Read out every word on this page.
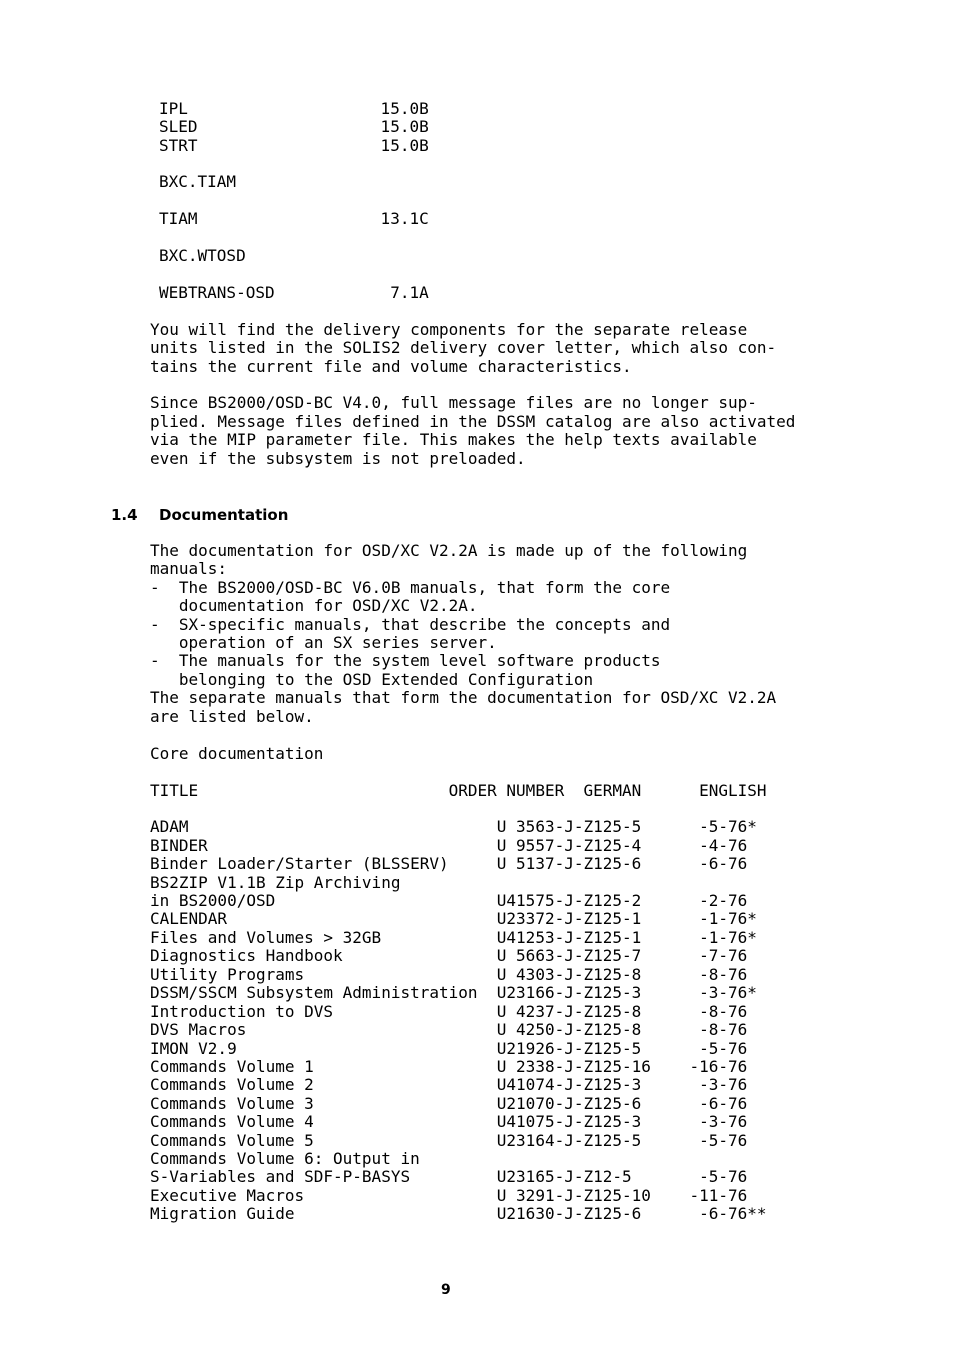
IPL                    15.0B
SLED                   15.0B
STRT                   15.0B
BXC.TIAM
TIAM                   13.1C
BXC.WTOSD
WEBTRANS-OSD            7.1A
You will find the delivery components for the separate release
units listed in the SOLIS2 delivery cover letter, which also con-
tains the current file and volume characteristics.
Since BS2000/OSD-BC V4.0, full message files are no longer sup-
plied. Message files defined in the DSSM catalog are also activated
via the MIP parameter file. This makes the help texts available
even if the subsystem is not preloaded.
1.4 Documentation
The documentation for OSD/XC V2.2A is made up of the following
manuals:
-  The BS2000/OSD-BC V6.0B manuals, that form the core
documentation for OSD/XC V2.2A.
-  SX-specific manuals, that describe the concepts and
operation of an SX series server.
-  The manuals for the system level software products
belonging to the OSD Extended Configuration
The separate manuals that form the documentation for OSD/XC V2.2A
are listed below.
Core documentation
TITLE                          ORDER NUMBER  GERMAN      ENGLISH
ADAM                                U 3563-J-Z125-5      -5-76*
BINDER                              U 9557-J-Z125-4      -4-76
Binder Loader/Starter (BLSSERV)     U 5137-J-Z125-6      -6-76
BS2ZIP V1.1B Zip Archiving
in BS2000/OSD                       U41575-J-Z125-2      -2-76
CALENDAR                            U23372-J-Z125-1      -1-76*
Files and Volumes > 32GB            U41253-J-Z125-1      -1-76*
Diagnostics Handbook                U 5663-J-Z125-7      -7-76
Utility Programs                    U 4303-J-Z125-8      -8-76
DSSM/SSCM Subsystem Administration  U23166-J-Z125-3      -3-76*
Introduction to DVS                 U 4237-J-Z125-8      -8-76
DVS Macros                          U 4250-J-Z125-8      -8-76
IMON V2.9                           U21926-J-Z125-5      -5-76
Commands Volume 1                   U 2338-J-Z125-16    -16-76
Commands Volume 2                   U41074-J-Z125-3      -3-76
Commands Volume 3                   U21070-J-Z125-6      -6-76
Commands Volume 4                   U41075-J-Z125-3      -3-76
Commands Volume 5                   U23164-J-Z125-5      -5-76
Commands Volume 6: Output in
S-Variables and SDF-P-BASYS         U23165-J-Z12-5       -5-76
Executive Macros                    U 3291-J-Z125-10    -11-76
Migration Guide                     U21630-J-Z125-6      -6-76**
9
